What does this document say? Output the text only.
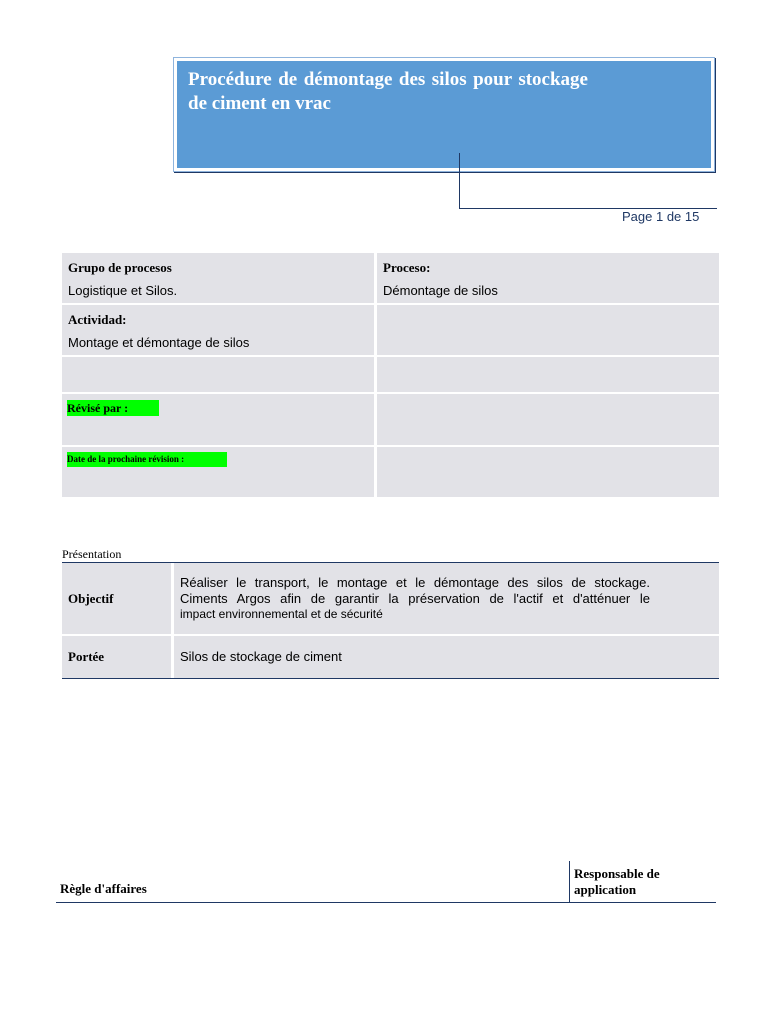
Procédure de démontage des silos pour stockage de ciment en vrac
Page 1 de 15
Grupo de procesos
Logistique et Silos.
Proceso:
Démontage de silos
Actividad:
Montage et démontage de silos
Révisé par :
Date de la prochaine révision :
Présentation
Objectif
Réaliser le transport, le montage et le démontage des silos de stockage.
Ciments Argos afin de garantir la préservation de l'actif et d'atténuer le
impact environnemental et de sécurité
Portée	Silos de stockage de ciment
Règle d'affaires
Responsable de application
